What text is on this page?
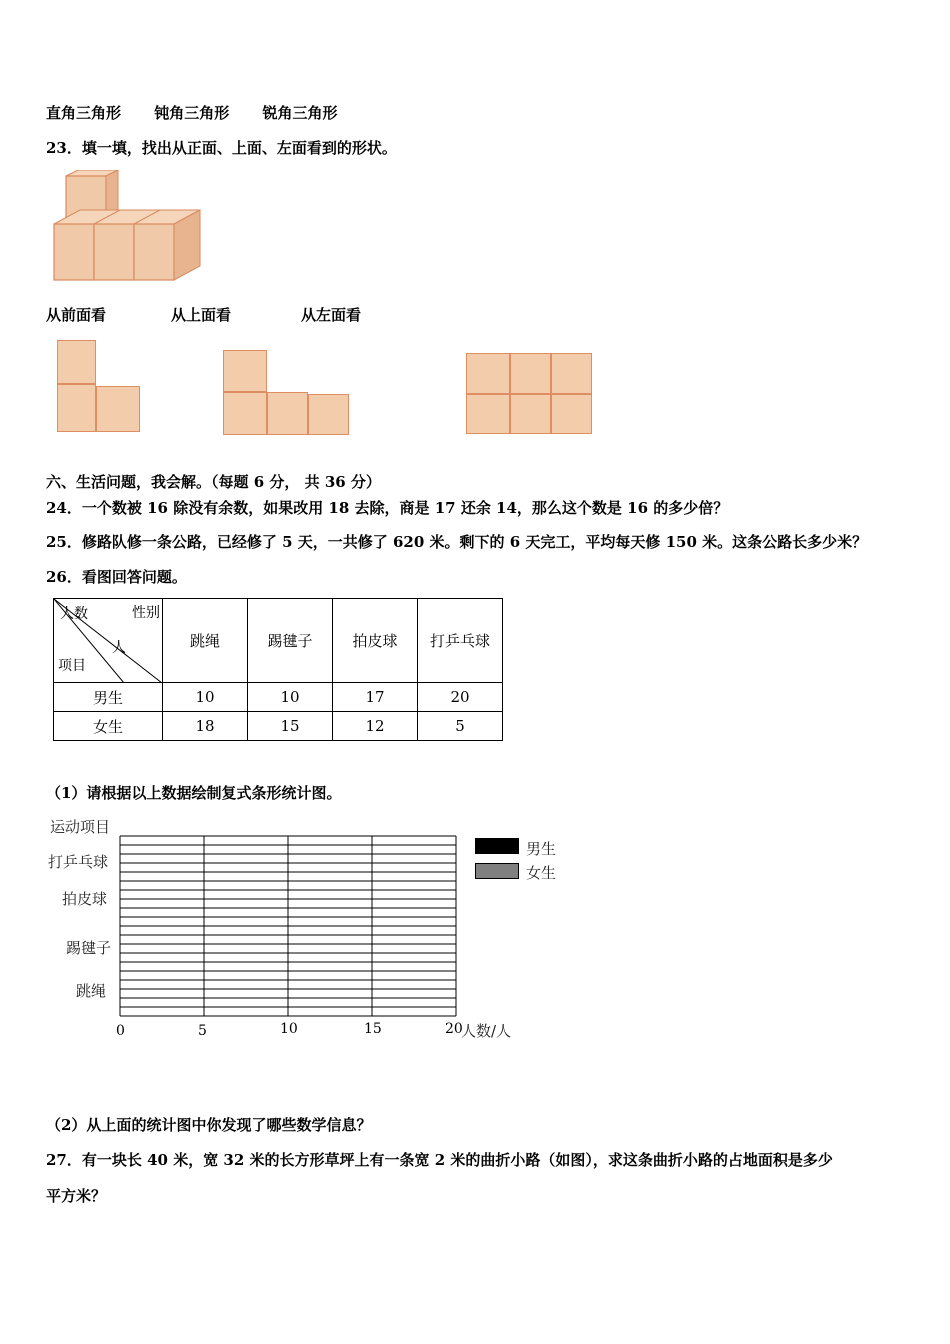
直角三角形 钝角三角形 锐角三角形
23．填一填，找出从正面、上面、左面看到的形状。
从前面看	从上面看	从左面看
六、生活问题，我会解。（每题 6 分， 共 36 分）
24．一个数被 16 除没有余数，如果改用 18 去除，商是 17 还余 14，那么这个数是 16 的多少倍？
25．修路队修一条公路，已经修了 5 天，一共修了 620 米。剩下的 6 天完工，平均每天修 150 米。这条公路长多少米？
26．看图回答问题。
性别
人数
人
项目	跳绳	踢毽子	拍皮球	打乒乓球
男生	10	10	17	20
女生	18	15	12	5
（1）请根据以上数据绘制复式条形统计图。
运动项目
打乒乓球
拍皮球
踢毽子
跳绳
0	5	10	15	20
人数/人
男生
女生
（2）从上面的统计图中你发现了哪些数学信息？
27．有一块长 40 米，宽 32 米的长方形草坪上有一条宽 2 米的曲折小路（如图），求这条曲折小路的占地面积是多少
平方米？
